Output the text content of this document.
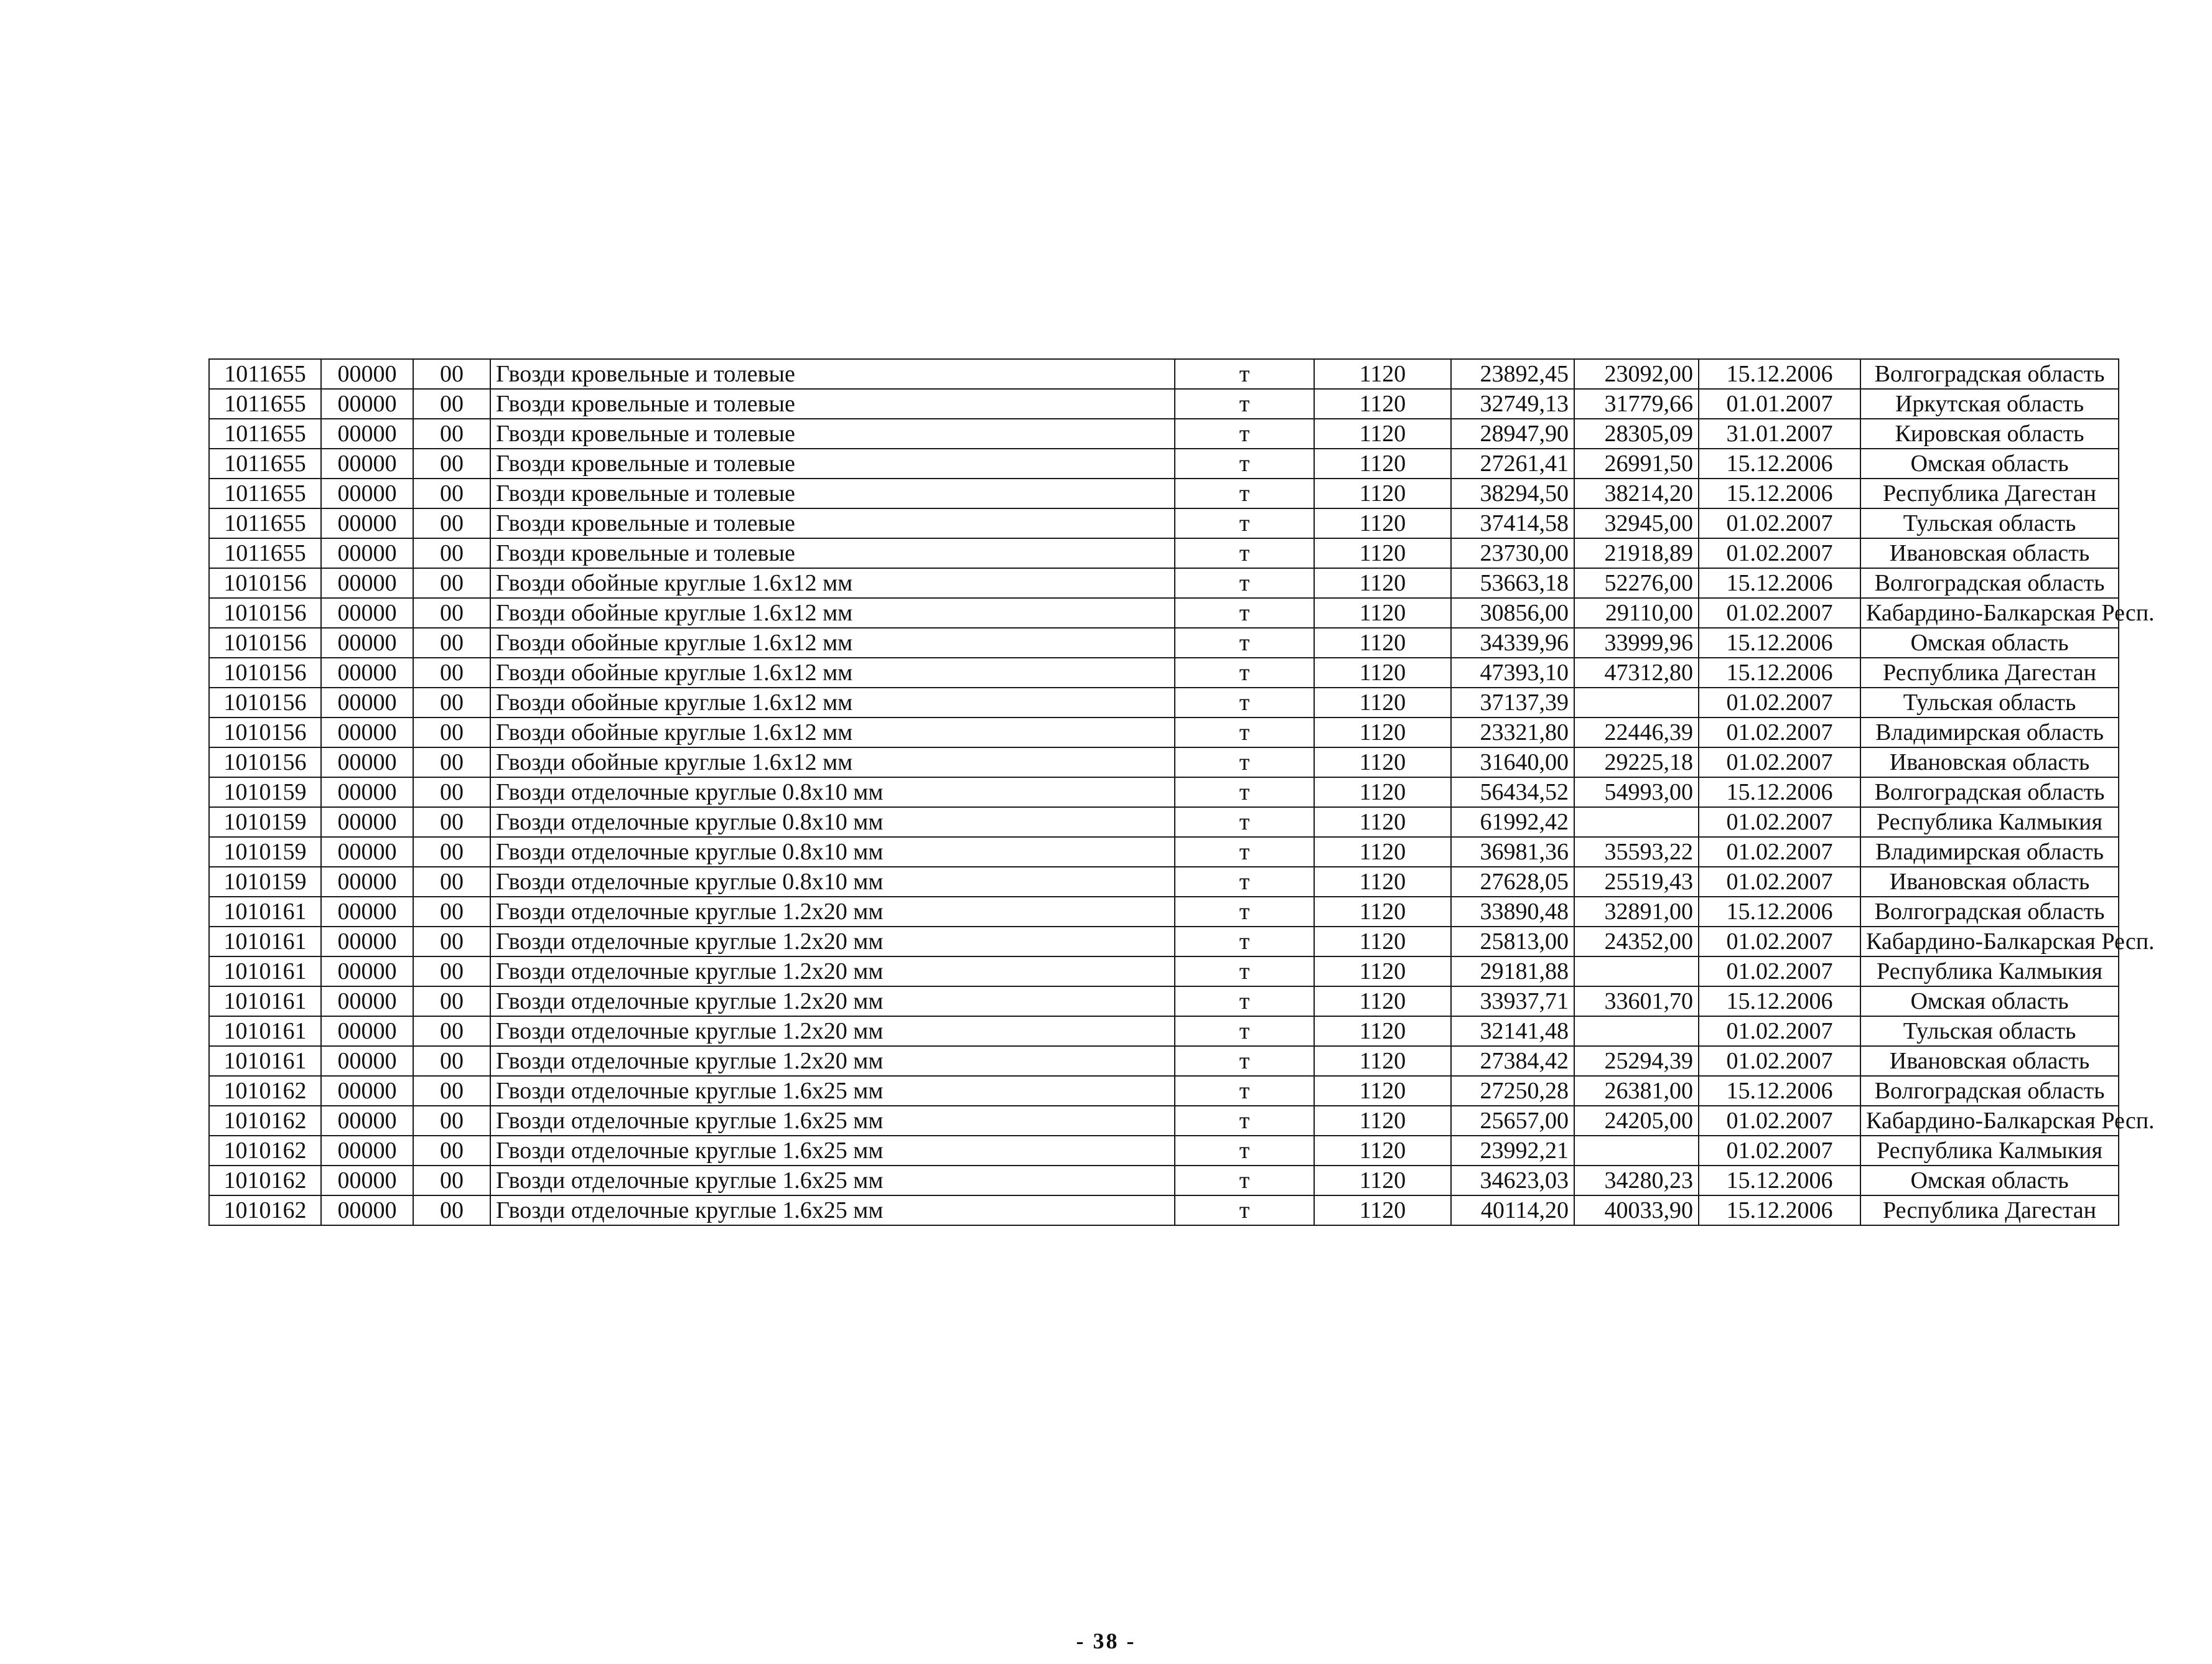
1011655	00000	00	Гвозди кровельные и толевые	т	1120	23892,45	23092,00	15.12.2006	Волгоградская область
1011655	00000	00	Гвозди кровельные и толевые	т	1120	32749,13	31779,66	01.01.2007	Иркутская область
1011655	00000	00	Гвозди кровельные и толевые	т	1120	28947,90	28305,09	31.01.2007	Кировская область
1011655	00000	00	Гвозди кровельные и толевые	т	1120	27261,41	26991,50	15.12.2006	Омская область
1011655	00000	00	Гвозди кровельные и толевые	т	1120	38294,50	38214,20	15.12.2006	Республика Дагестан
1011655	00000	00	Гвозди кровельные и толевые	т	1120	37414,58	32945,00	01.02.2007	Тульская область
1011655	00000	00	Гвозди кровельные и толевые	т	1120	23730,00	21918,89	01.02.2007	Ивановская область
1010156	00000	00	Гвозди обойные круглые 1.6x12 мм	т	1120	53663,18	52276,00	15.12.2006	Волгоградская область
1010156	00000	00	Гвозди обойные круглые 1.6x12 мм	т	1120	30856,00	29110,00	01.02.2007	Кабардино-Балкарская Респ.
1010156	00000	00	Гвозди обойные круглые 1.6x12 мм	т	1120	34339,96	33999,96	15.12.2006	Омская область
1010156	00000	00	Гвозди обойные круглые 1.6x12 мм	т	1120	47393,10	47312,80	15.12.2006	Республика Дагестан
1010156	00000	00	Гвозди обойные круглые 1.6x12 мм	т	1120	37137,39		01.02.2007	Тульская область
1010156	00000	00	Гвозди обойные круглые 1.6x12 мм	т	1120	23321,80	22446,39	01.02.2007	Владимирская область
1010156	00000	00	Гвозди обойные круглые 1.6x12 мм	т	1120	31640,00	29225,18	01.02.2007	Ивановская область
1010159	00000	00	Гвозди отделочные круглые 0.8x10 мм	т	1120	56434,52	54993,00	15.12.2006	Волгоградская область
1010159	00000	00	Гвозди отделочные круглые 0.8x10 мм	т	1120	61992,42		01.02.2007	Республика Калмыкия
1010159	00000	00	Гвозди отделочные круглые 0.8x10 мм	т	1120	36981,36	35593,22	01.02.2007	Владимирская область
1010159	00000	00	Гвозди отделочные круглые 0.8x10 мм	т	1120	27628,05	25519,43	01.02.2007	Ивановская область
1010161	00000	00	Гвозди отделочные круглые 1.2x20 мм	т	1120	33890,48	32891,00	15.12.2006	Волгоградская область
1010161	00000	00	Гвозди отделочные круглые 1.2x20 мм	т	1120	25813,00	24352,00	01.02.2007	Кабардино-Балкарская Респ.
1010161	00000	00	Гвозди отделочные круглые 1.2x20 мм	т	1120	29181,88		01.02.2007	Республика Калмыкия
1010161	00000	00	Гвозди отделочные круглые 1.2x20 мм	т	1120	33937,71	33601,70	15.12.2006	Омская область
1010161	00000	00	Гвозди отделочные круглые 1.2x20 мм	т	1120	32141,48		01.02.2007	Тульская область
1010161	00000	00	Гвозди отделочные круглые 1.2x20 мм	т	1120	27384,42	25294,39	01.02.2007	Ивановская область
1010162	00000	00	Гвозди отделочные круглые 1.6x25 мм	т	1120	27250,28	26381,00	15.12.2006	Волгоградская область
1010162	00000	00	Гвозди отделочные круглые 1.6x25 мм	т	1120	25657,00	24205,00	01.02.2007	Кабардино-Балкарская Респ.
1010162	00000	00	Гвозди отделочные круглые 1.6x25 мм	т	1120	23992,21		01.02.2007	Республика Калмыкия
1010162	00000	00	Гвозди отделочные круглые 1.6x25 мм	т	1120	34623,03	34280,23	15.12.2006	Омская область
1010162	00000	00	Гвозди отделочные круглые 1.6x25 мм	т	1120	40114,20	40033,90	15.12.2006	Республика Дагестан
- 38 -
